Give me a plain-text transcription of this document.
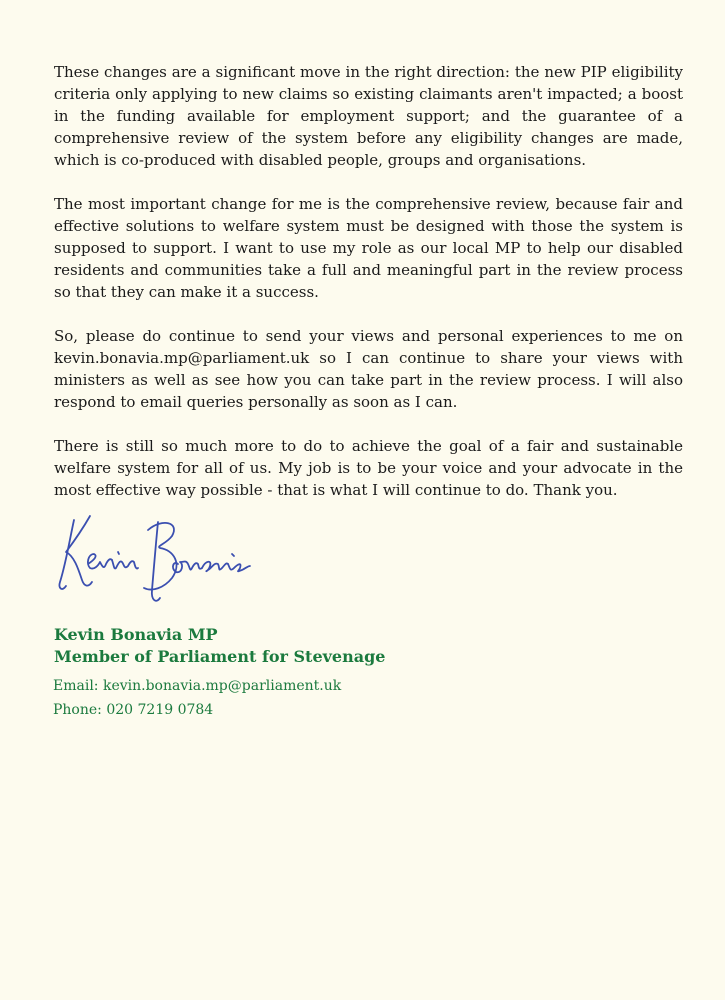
These changes are a significant move in the right direction: the new PIP eligibility criteria only applying to new claims so existing claimants aren't impacted; a boost in the funding available for employment support; and the guarantee of a comprehensive review of the system before any eligibility changes are made, which is co-produced with disabled people, groups and organisations.

The most important change for me is the comprehensive review, because fair and effective solutions to welfare system must be designed with those the system is supposed to support. I want to use my role as our local MP to help our disabled residents and communities take a full and meaningful part in the review process so that they can make it a success.

So, please do continue to send your views and personal experiences to me on kevin.bonavia.mp@parliament.uk so I can continue to share your views with ministers as well as see how you can take part in the review process. I will also respond to email queries personally as soon as I can.

There is still so much more to do to achieve the goal of a fair and sustainable welfare system for all of us. My job is to be your voice and your advocate in the most effective way possible - that is what I will continue to do. Thank you.

Kevin Bonavia MP

Member of Parliament for Stevenage

Email: kevin.bonavia.mp@parliament.uk

Phone: 020 7219 0784
